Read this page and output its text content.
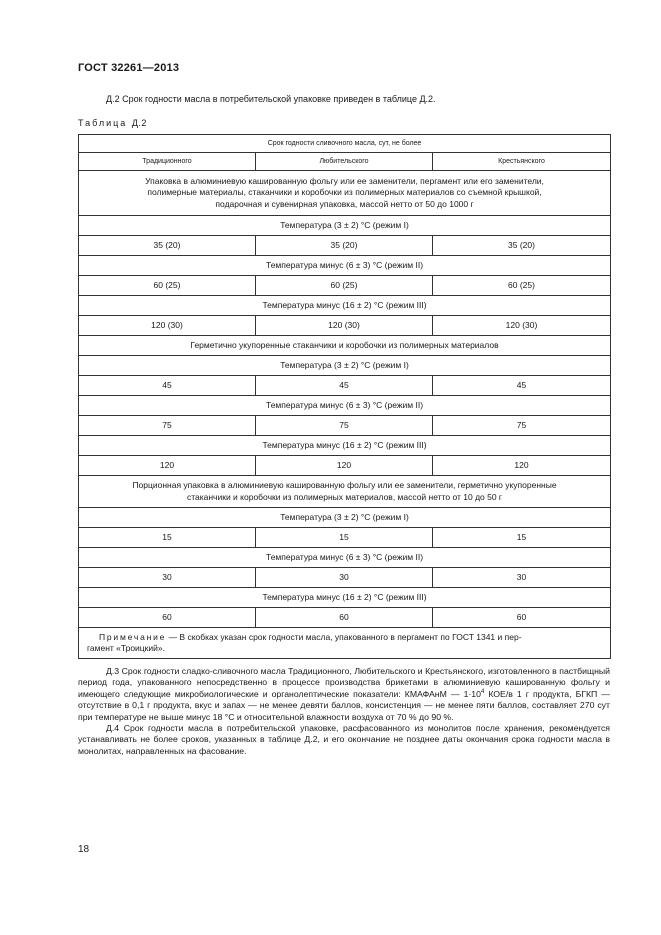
ГОСТ 32261—2013
Д.2 Срок годности масла в потребительской упаковке приведен в таблице Д.2.
Таблица Д.2
Срок годности сливочного масла, сут, не более		
Традиционного	Любительского	Крестьянского
Упаковка в алюминиевую кашированную фольгу или ее заменители, пергамент или его заменители,
полимерные материалы, стаканчики и коробочки из полимерных материалов со съемной крышкой,
подарочная и сувенирная упаковка, массой нетто от 50 до 1000 г		
Температура (3 ± 2) °С (режим I)		
35 (20)	35 (20)	35 (20)
Температура минус (6 ± 3) °С (режим II)		
60 (25)	60 (25)	60 (25)
Температура минус (16 ± 2) °С (режим III)		
120 (30)	120 (30)	120 (30)
Герметично укупоренные стаканчики и коробочки из полимерных материалов		
Температура (3 ± 2) °С (режим I)		
45	45	45
Температура минус (6 ± 3) °С (режим II)		
75	75	75
Температура минус (16 ± 2) °С (режим III)		
120	120	120
Порционная упаковка в алюминиевую кашированную фольгу или ее заменители, герметично укупоренные
стаканчики и коробочки из полимерных материалов, массой нетто от 10 до 50 г		
Температура (3 ± 2) °С (режим I)		
15	15	15
Температура минус (6 ± 3) °С (режим II)		
30	30	30
Температура минус (16 ± 2) °С (режим III)		
60	60	60
Примечание — В скобках указан срок годности масла, упакованного в пергамент по ГОСТ 1341 и пер-
гамент «Троицкий».		

Д.3 Срок годности сладко-сливочного масла Традиционного, Любительского и Крестьянского, изготовленного в пастбищный период года, упакованного непосредственно в процессе производства брикетами в алюминиевую кашированную фольгу и имеющего следующие микробиологические и органолептические показатели: КМАФАнМ — $1\cdot 10^4$ КОЕ/в 1 г продукта, БГКП — отсутствие в 0,1 г продукта, вкус и запах — не менее девяти баллов, консистенция — не менее пяти баллов, составляет 270 сут при температуре не выше минус 18 °С и относительной влажности воздуха от 70 % до 90 %.

Д.4 Срок годности масла в потребительской упаковке, расфасованного из монолитов после хранения, рекомендуется устанавливать не более сроков, указанных в таблице Д.2, и его окончание не позднее даты окончания срока годности масла в монолитах, направленных на фасование.

18
